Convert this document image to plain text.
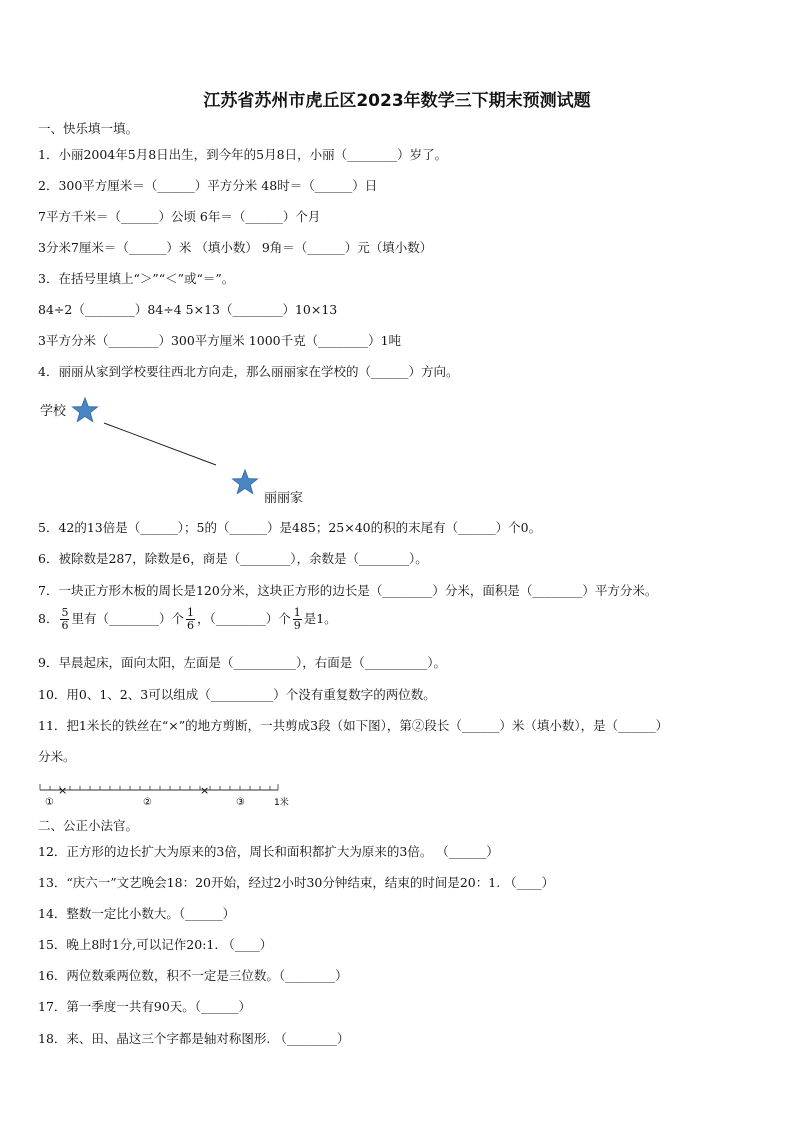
江苏省苏州市虎丘区2023年数学三下期末预测试题
一、快乐填一填。
1．小丽2004年5月8日出生，到今年的5月8日，小丽（________）岁了。
2．300平方厘米＝（______）平方分米 48时＝（______）日
7平方千米＝（______）公顷 6年＝（______）个月
3分米7厘米＝（______）米 （填小数） 9角＝（______）元（填小数）
3．在括号里填上“＞”“＜”或“＝”。
84÷2（________）84÷4 5×13（________）10×13
3平方分米（________）300平方厘米 1000千克（________）1吨
4．丽丽从家到学校要往西北方向走，那么丽丽家在学校的（______）方向。
学校
丽丽家
5．42的13倍是（______）；5的（______）是485；25×40的积的末尾有（______）个0。
6．被除数是287，除数是6，商是（________），余数是（________）。
7．一块正方形木板的周长是120分米，这块正方形的边长是（________）分米，面积是（________）平方分米。
8． $\frac{5}{6}$ 里有（________）个 $\frac{1}{6}$ ，（________）个 $\frac{1}{9}$ 是1。
9．早晨起床，面向太阳，左面是（__________），右面是（__________）。
10．用0、1、2、3可以组成（__________）个没有重复数字的两位数。
11．把1米长的铁丝在“×”的地方剪断，一共剪成3段（如下图），第②段长（______）米（填小数），是（______）
分米。
×	×
①	②	③	1米
二、公正小法官。
12．正方形的边长扩大为原来的3倍，周长和面积都扩大为原来的3倍。 （______）
13．“庆六一”文艺晚会18：20开始，经过2小时30分钟结束，结束的时间是20：1. （____）
14．整数一定比小数大。（______）
15．晚上8时1分,可以记作20:1. （____）
16．两位数乘两位数，积不一定是三位数。（________）
17．第一季度一共有90天。（______）
18．来、田、晶这三个字都是轴对称图形. （________）
